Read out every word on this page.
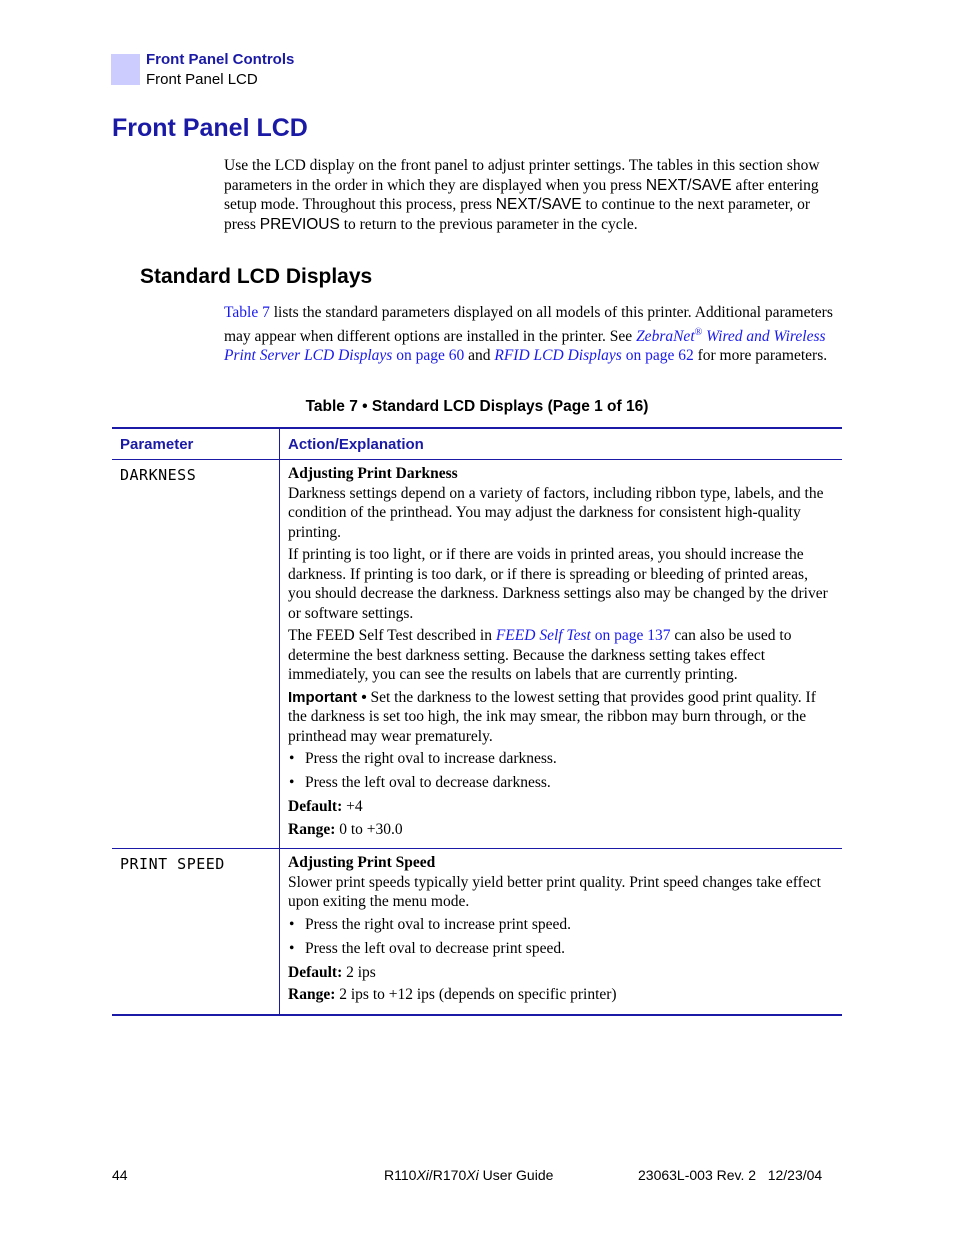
Front Panel Controls
Front Panel LCD
Front Panel LCD
Use the LCD display on the front panel to adjust printer settings. The tables in this section show parameters in the order in which they are displayed when you press NEXT/SAVE after entering setup mode. Throughout this process, press NEXT/SAVE to continue to the next parameter, or press PREVIOUS to return to the previous parameter in the cycle.
Standard LCD Displays
Table 7 lists the standard parameters displayed on all models of this printer. Additional parameters may appear when different options are installed in the printer. See ZebraNet® Wired and Wireless Print Server LCD Displays on page 60 and RFID LCD Displays on page 62 for more parameters.
Table 7 • Standard LCD Displays (Page 1 of 16)
Parameter	Action/Explanation
DARKNESS	Adjusting Print Darkness
Darkness settings depend on a variety of factors, including ribbon type, labels, and the condition of the printhead. You may adjust the darkness for consistent high-quality printing.

If printing is too light, or if there are voids in printed areas, you should increase the darkness. If printing is too dark, or if there is spreading or bleeding of printed areas, you should decrease the darkness. Darkness settings also may be changed by the driver or software settings.

The FEED Self Test described in FEED Self Test on page 137 can also be used to determine the best darkness setting. Because the darkness setting takes effect immediately, you can see the results on labels that are currently printing.

Important • Set the darkness to the lowest setting that provides good print quality. If the darkness is set too high, the ink may smear, the ribbon may burn through, or the printhead may wear prematurely.

• Press the right oval to increase darkness.
• Press the left oval to decrease darkness.

Default: +4

Range: 0 to +30.0

PRINT SPEED	Adjusting Print Speed
Slower print speeds typically yield better print quality. Print speed changes take effect upon exiting the menu mode.

• Press the right oval to increase print speed.
• Press the left oval to decrease print speed.

Default: 2 ips

Range: 2 ips to +12 ips (depends on specific printer)

44	R110Xi/R170Xi User Guide	23063L-003 Rev. 2   12/23/04
